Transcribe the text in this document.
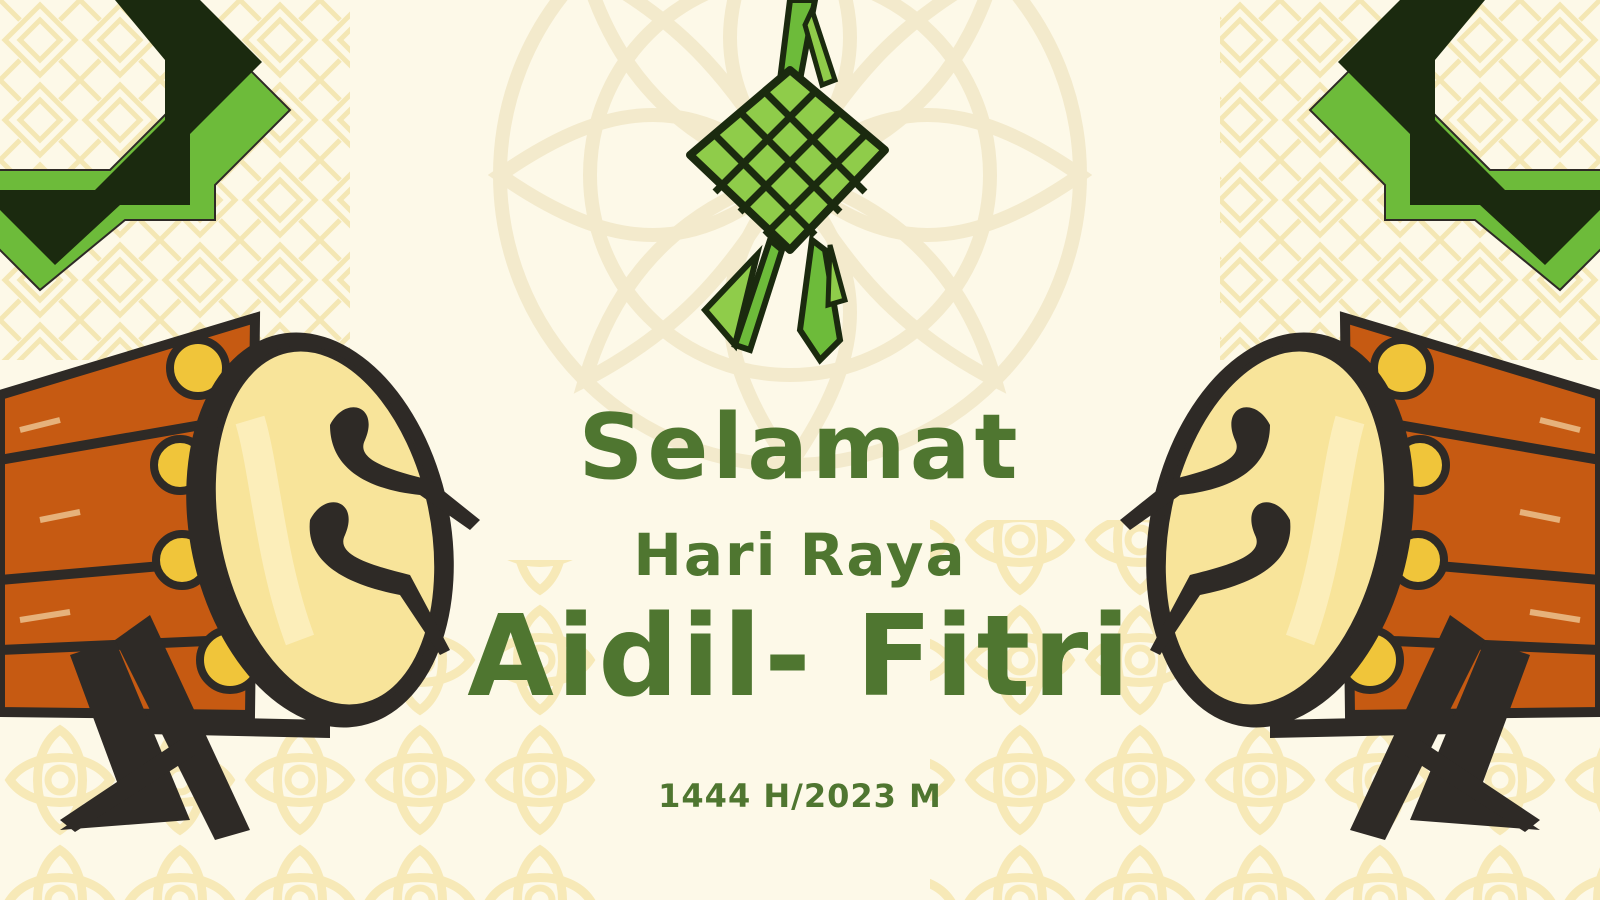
Selamat
Hari Raya
Aidil- Fitri
1444 H/2023 M
